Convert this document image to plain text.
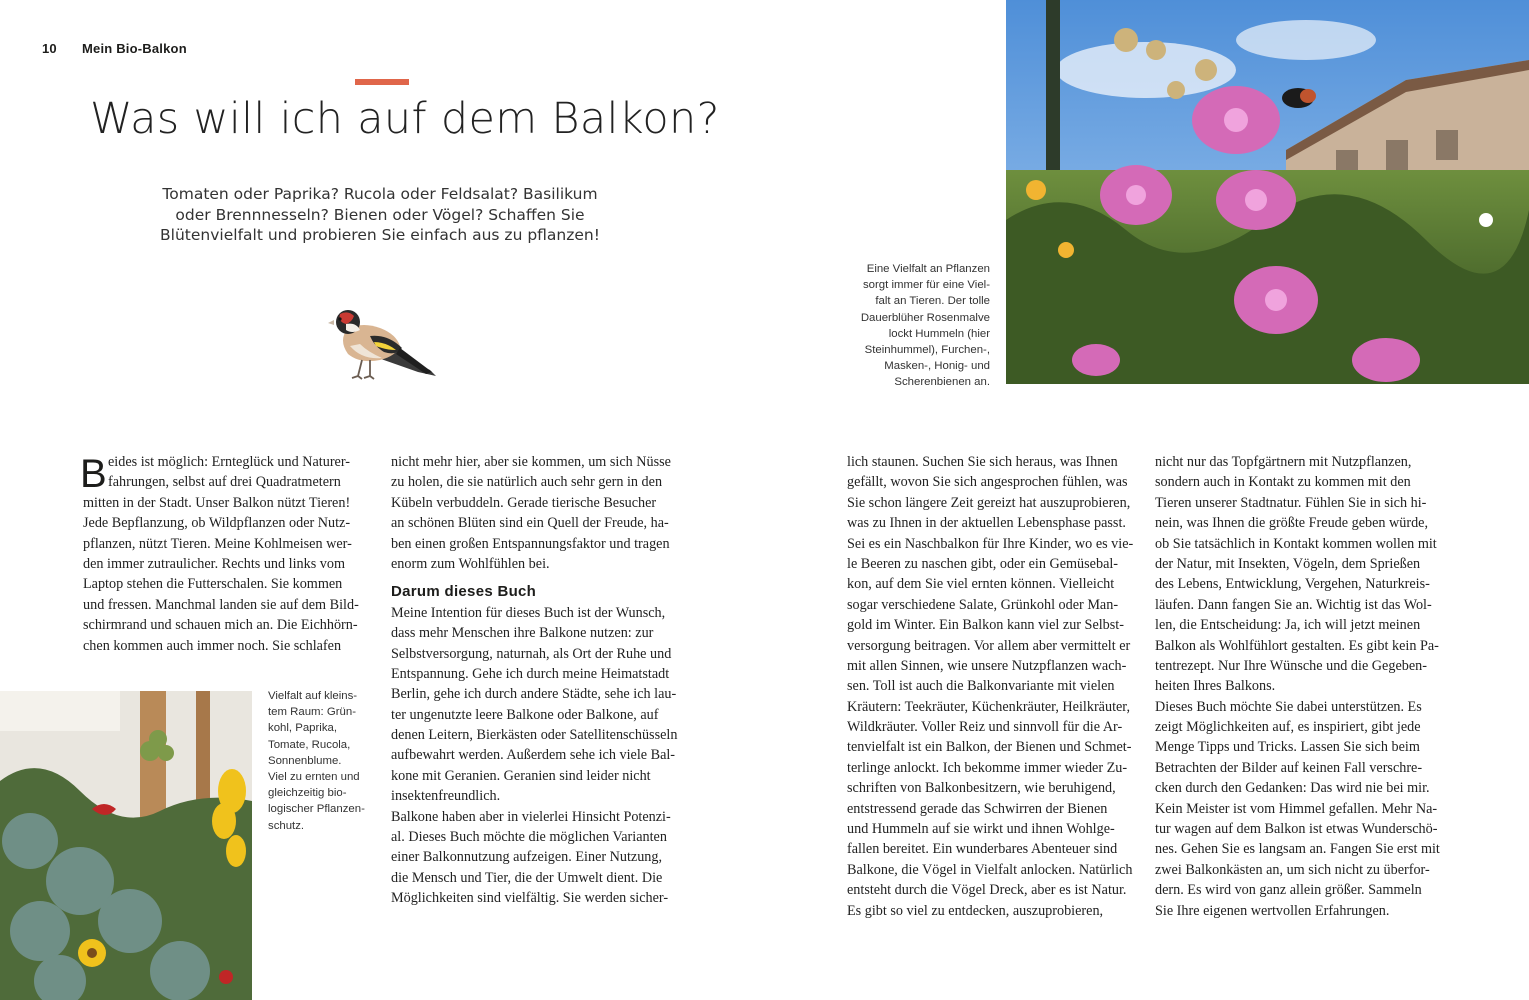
10 Mein Bio-Balkon
Was will ich auf dem Balkon?
Tomaten oder Paprika? Rucola oder Feldsalat? Basilikum
oder Brennnesseln? Bienen oder Vögel? Schaffen Sie
Blütenvielfalt und probieren Sie einfach aus zu pflanzen!
Eine Vielfalt an Pflanzen
sorgt immer für eine Viel-
falt an Tieren. Der tolle
Dauerblüher Rosenmalve
lockt Hummeln (hier
Steinhummel), Furchen-,
Masken-, Honig- und
Scherenbienen an.
Vielfalt auf kleins-
tem Raum: Grün-
kohl, Paprika,
Tomate, Rucola,
Sonnenblume.
Viel zu ernten und
gleichzeitig bio-
logischer Pflanzen-
schutz.
B eides ist möglich: Ernteglück und Naturer-
fahrungen, selbst auf drei Quadratmetern
mitten in der Stadt. Unser Balkon nützt Tieren!
Jede Bepflanzung, ob Wildpflanzen oder Nutz-
pflanzen, nützt Tieren. Meine Kohlmeisen wer-
den immer zutraulicher. Rechts und links vom
Laptop stehen die Futterschalen. Sie kommen
und fressen. Manchmal landen sie auf dem Bild-
schirmrand und schauen mich an. Die Eichhörn-
chen kommen auch immer noch. Sie schlafen
nicht mehr hier, aber sie kommen, um sich Nüsse
zu holen, die sie natürlich auch sehr gern in den
Kübeln verbuddeln. Gerade tierische Besucher
an schönen Blüten sind ein Quell der Freude, ha-
ben einen großen Entspannungsfaktor und tragen
enorm zum Wohlfühlen bei.
Darum dieses Buch
Meine Intention für dieses Buch ist der Wunsch,
dass mehr Menschen ihre Balkone nutzen: zur
Selbstversorgung, naturnah, als Ort der Ruhe und
Entspannung. Gehe ich durch meine Heimatstadt
Berlin, gehe ich durch andere Städte, sehe ich lau-
ter ungenutzte leere Balkone oder Balkone, auf
denen Leitern, Bierkästen oder Satellitenschüsseln
aufbewahrt werden. Außerdem sehe ich viele Bal-
kone mit Geranien. Geranien sind leider nicht
insektenfreundlich.
Balkone haben aber in vielerlei Hinsicht Potenzi-
al. Dieses Buch möchte die möglichen Varianten
einer Balkonnutzung aufzeigen. Einer Nutzung,
die Mensch und Tier, die der Umwelt dient. Die
Möglichkeiten sind vielfältig. Sie werden sicher-
lich staunen. Suchen Sie sich heraus, was Ihnen
gefällt, wovon Sie sich angesprochen fühlen, was
Sie schon längere Zeit gereizt hat auszuprobieren,
was zu Ihnen in der aktuellen Lebensphase passt.
Sei es ein Naschbalkon für Ihre Kinder, wo es vie-
le Beeren zu naschen gibt, oder ein Gemüsebal-
kon, auf dem Sie viel ernten können. Vielleicht
sogar verschiedene Salate, Grünkohl oder Man-
gold im Winter. Ein Balkon kann viel zur Selbst-
versorgung beitragen. Vor allem aber vermittelt er
mit allen Sinnen, wie unsere Nutzpflanzen wach-
sen. Toll ist auch die Balkonvariante mit vielen
Kräutern: Teekräuter, Küchenkräuter, Heilkräuter,
Wildkräuter. Voller Reiz und sinnvoll für die Ar-
tenvielfalt ist ein Balkon, der Bienen und Schmet-
terlinge anlockt. Ich bekomme immer wieder Zu-
schriften von Balkonbesitzern, wie beruhigend,
entstressend gerade das Schwirren der Bienen
und Hummeln auf sie wirkt und ihnen Wohlge-
fallen bereitet. Ein wunderbares Abenteuer sind
Balkone, die Vögel in Vielfalt anlocken. Natürlich
entsteht durch die Vögel Dreck, aber es ist Natur.
Es gibt so viel zu entdecken, auszuprobieren,
nicht nur das Topfgärtnern mit Nutzpflanzen,
sondern auch in Kontakt zu kommen mit den
Tieren unserer Stadtnatur. Fühlen Sie in sich hi-
nein, was Ihnen die größte Freude geben würde,
ob Sie tatsächlich in Kontakt kommen wollen mit
der Natur, mit Insekten, Vögeln, dem Sprießen
des Lebens, Entwicklung, Vergehen, Naturkreis-
läufen. Dann fangen Sie an. Wichtig ist das Wol-
len, die Entscheidung: Ja, ich will jetzt meinen
Balkon als Wohlfühlort gestalten. Es gibt kein Pa-
tentrezept. Nur Ihre Wünsche und die Gegeben-
heiten Ihres Balkons.
Dieses Buch möchte Sie dabei unterstützen. Es
zeigt Möglichkeiten auf, es inspiriert, gibt jede
Menge Tipps und Tricks. Lassen Sie sich beim
Betrachten der Bilder auf keinen Fall verschre-
cken durch den Gedanken: Das wird nie bei mir.
Kein Meister ist vom Himmel gefallen. Mehr Na-
tur wagen auf dem Balkon ist etwas Wunderschö-
nes. Gehen Sie es langsam an. Fangen Sie erst mit
zwei Balkonkästen an, um sich nicht zu überfor-
dern. Es wird von ganz allein größer. Sammeln
Sie Ihre eigenen wertvollen Erfahrungen.
